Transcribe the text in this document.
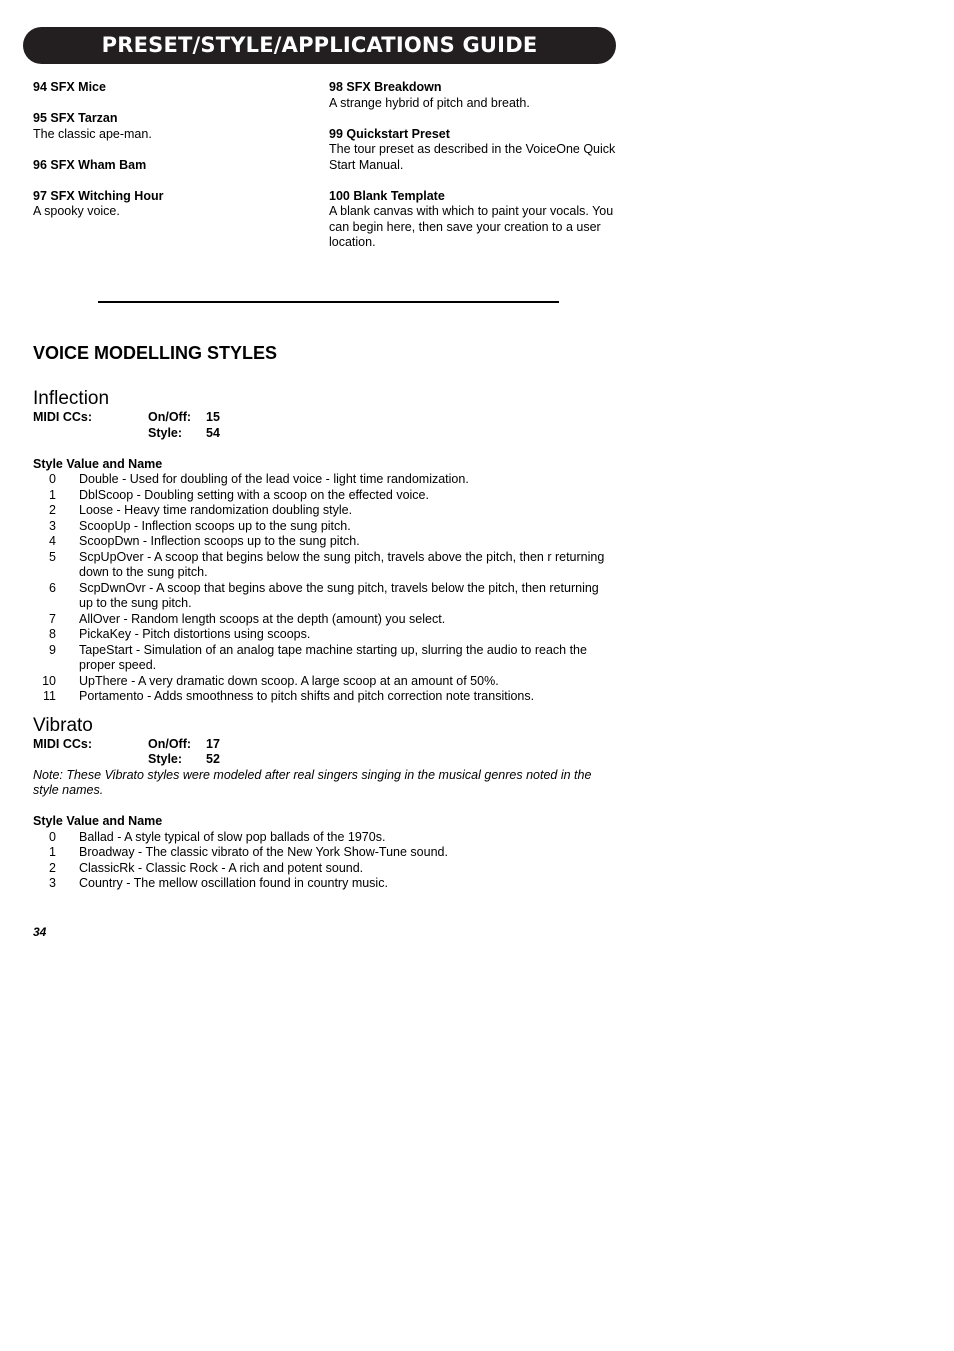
PRESET/STYLE/APPLICATIONS GUIDE
94 SFX Mice
95 SFX Tarzan
The classic ape-man.
96 SFX Wham Bam
97 SFX Witching Hour
A spooky voice.
98 SFX Breakdown
A strange hybrid of pitch and breath.
99 Quickstart Preset
The tour preset as described in the VoiceOne Quick Start Manual.
100 Blank Template
A blank canvas with which to paint your vocals. You can begin here, then save your creation to a user location.
VOICE MODELLING STYLES
Inflection
MIDI CCs:	On/Off: 15
Style: 54
Style Value and Name
0 Double - Used for doubling of the lead voice - light time randomization.
1 DblScoop - Doubling setting with a scoop on the effected voice.
2 Loose - Heavy time randomization doubling style.
3 ScoopUp - Inflection scoops up to the sung pitch.
4 ScoopDwn - Inflection scoops up to the sung pitch.
5 ScpUpOver - A scoop that begins below the sung pitch, travels above the pitch, then r returning down to the sung pitch.
6 ScpDwnOvr - A scoop that begins above the sung pitch, travels below the pitch, then returning up to the sung pitch.
7 AllOver - Random length scoops at the depth (amount) you select.
8 PickaKey - Pitch distortions using scoops.
9 TapeStart - Simulation of an analog tape machine starting up, slurring the audio to reach the proper speed.
10 UpThere - A very dramatic down scoop. A large scoop at an amount of 50%.
11 Portamento - Adds smoothness to pitch shifts and pitch correction note transitions.
Vibrato
MIDI CCs:	On/Off: 17
Style: 52
Note: These Vibrato styles were modeled after real singers singing in the musical genres noted in the style names.
Style Value and Name
0 Ballad - A style typical of slow pop ballads of the 1970s.
1 Broadway - The classic vibrato of the New York Show-Tune sound.
2 ClassicRk - Classic Rock - A rich and potent sound.
3 Country - The mellow oscillation found in country music.
34
